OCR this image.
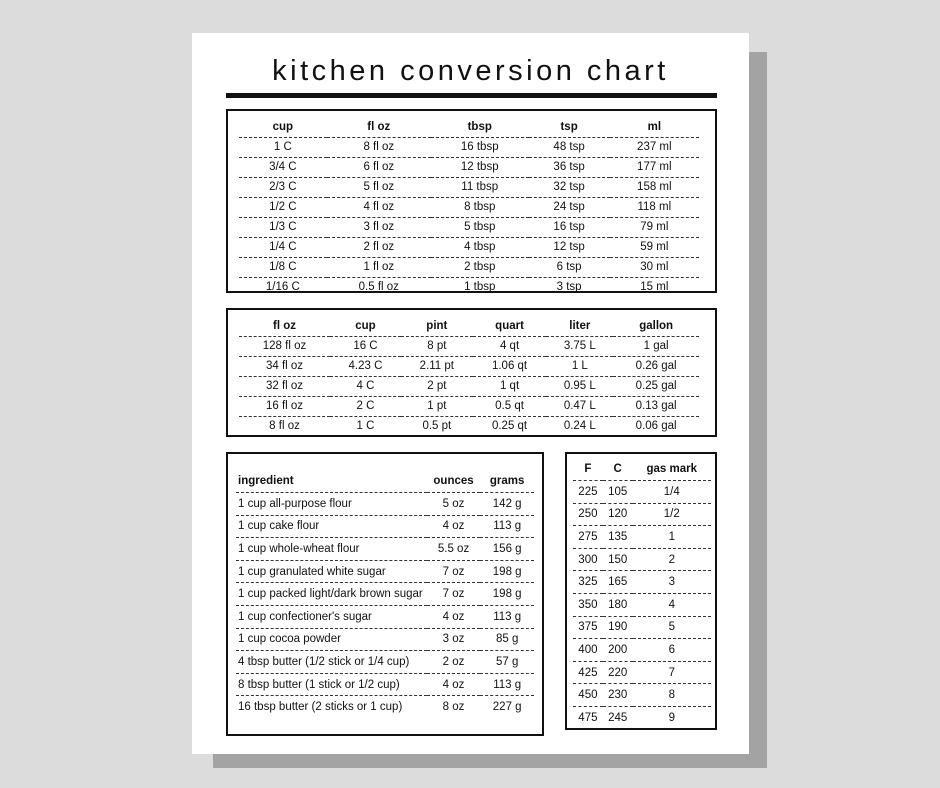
kitchen conversion chart
cup	fl oz	tbsp	tsp	ml
1 C	8 fl oz	16 tbsp	48 tsp	237 ml
3/4 C	6 fl oz	12 tbsp	36 tsp	177 ml
2/3 C	5 fl oz	11 tbsp	32 tsp	158 ml
1/2 C	4 fl oz	8 tbsp	24 tsp	118 ml
1/3 C	3 fl oz	5 tbsp	16 tsp	79 ml
1/4 C	2 fl oz	4 tbsp	12 tsp	59 ml
1/8 C	1 fl oz	2 tbsp	6 tsp	30 ml
1/16 C	0.5 fl oz	1 tbsp	3 tsp	15 ml
fl oz	cup	pint	quart	liter	gallon
128 fl oz	16 C	8 pt	4 qt	3.75 L	1 gal
34 fl oz	4.23 C	2.11 pt	1.06 qt	1 L	0.26 gal
32 fl oz	4 C	2 pt	1 qt	0.95 L	0.25 gal
16 fl oz	2 C	1 pt	0.5 qt	0.47 L	0.13 gal
8 fl oz	1 C	0.5 pt	0.25 qt	0.24 L	0.06 gal
ingredient	ounces	grams
1 cup all-purpose flour	5 oz	142 g
1 cup cake flour	4 oz	113 g
1 cup whole-wheat flour	5.5 oz	156 g
1 cup granulated white sugar	7 oz	198 g
1 cup packed light/dark brown sugar	7 oz	198 g
1 cup confectioner's sugar	4 oz	113 g
1 cup cocoa powder	3 oz	85 g
4 tbsp butter (1/2 stick or 1/4 cup)	2 oz	57 g
8 tbsp butter (1 stick or 1/2 cup)	4 oz	113 g
16 tbsp butter (2 sticks or 1 cup)	8 oz	227 g
F	C	gas mark
225	105	1/4
250	120	1/2
275	135	1
300	150	2
325	165	3
350	180	4
375	190	5
400	200	6
425	220	7
450	230	8
475	245	9
